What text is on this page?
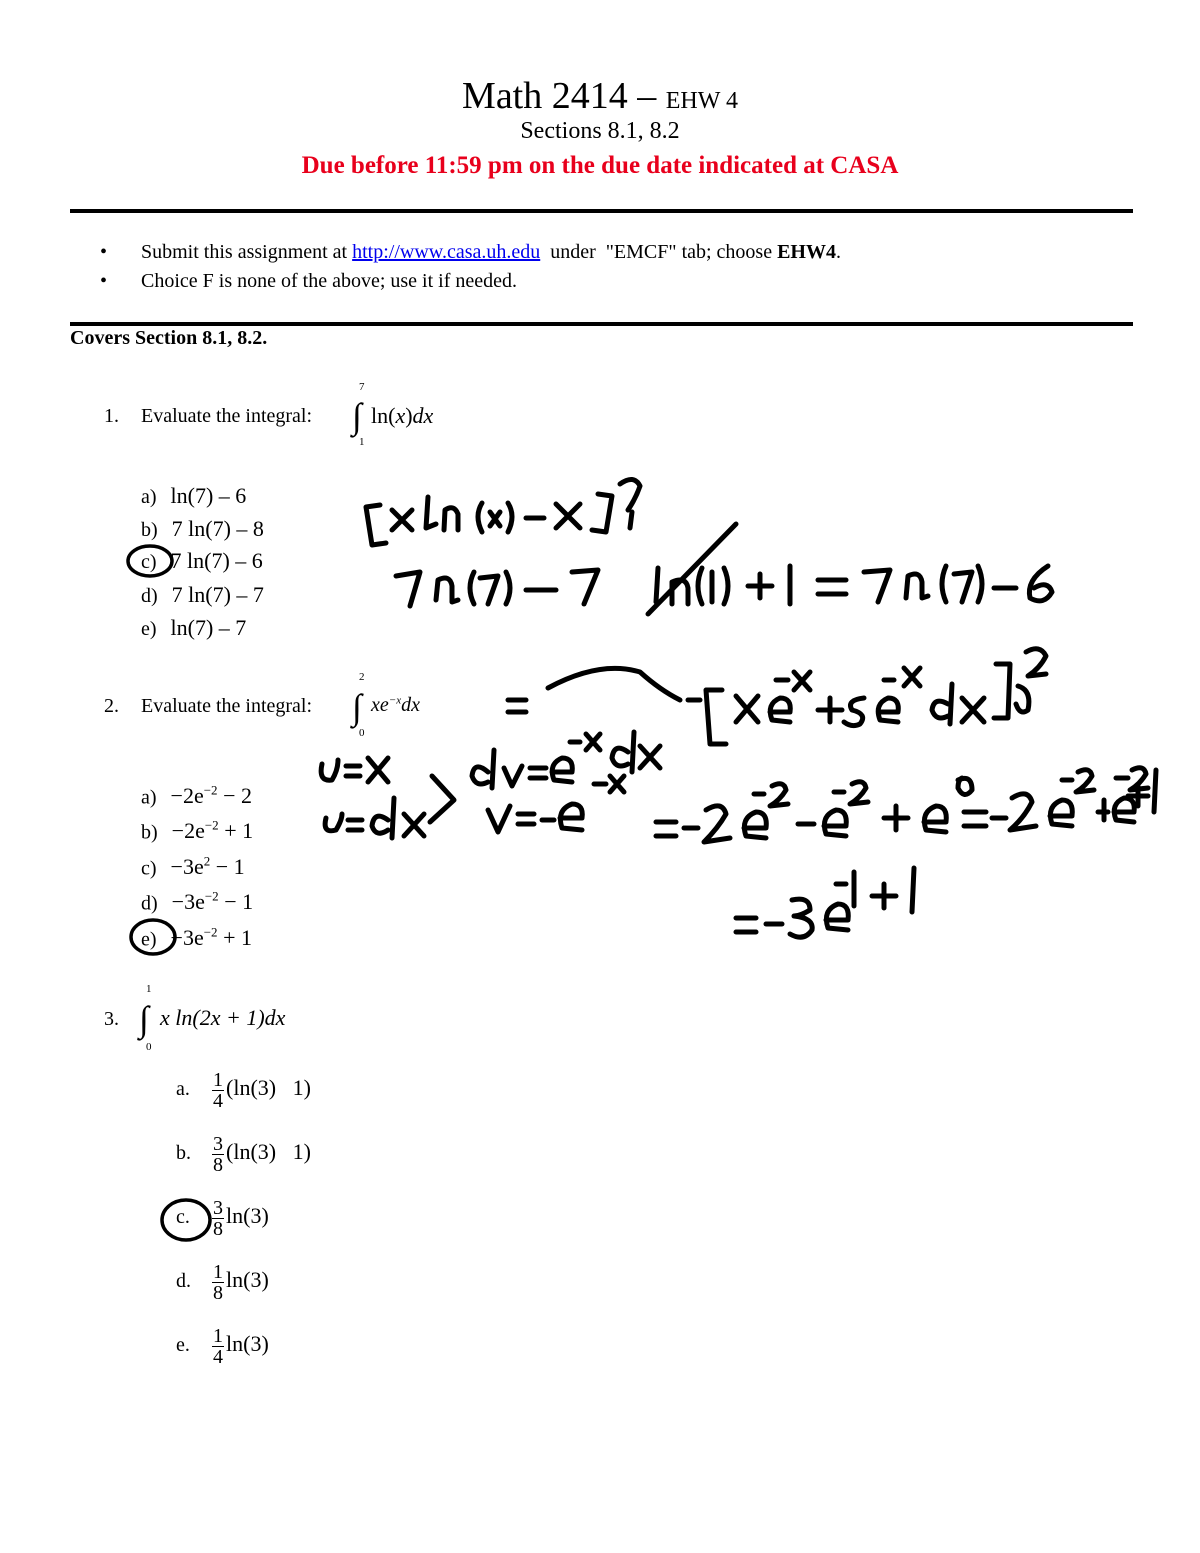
Math 2414 – EHW 4
Sections 8.1, 8.2
Due before 11:59 pm on the due date indicated at CASA
• Submit this assignment at http://www.casa.uh.edu  under  "EMCF" tab; choose EHW4.
• Choice F is none of the above; use it if needed.
Covers Section 8.1, 8.2.
1. Evaluate the integral:
7
∫
1
ln(x)dx
a) ln(7) – 6
b) 7 ln(7) – 8
c) 7 ln(7) – 6
d) 7 ln(7) – 7
e) ln(7) – 7
2. Evaluate the integral:
2
∫
0
$xe^{-x}dx$
$a) -2e^{-2} - 2$
$b) -2e^{-2} + 1$
$c) -3e^2 - 1$
$d) -3e^{-2} - 1$
$e) -3e^{-2} + 1$
3.
1
∫
0
x ln(2x + 1)dx
a. $\frac{1}{4} (\ln(3)$   1)
b. $\frac{3}{8} (\ln(3)$   1)
c. $\frac{3}{8} \ln(3)$
d. $\frac{1}{8} \ln(3)$
e. $\frac{1}{4} \ln(3)$
